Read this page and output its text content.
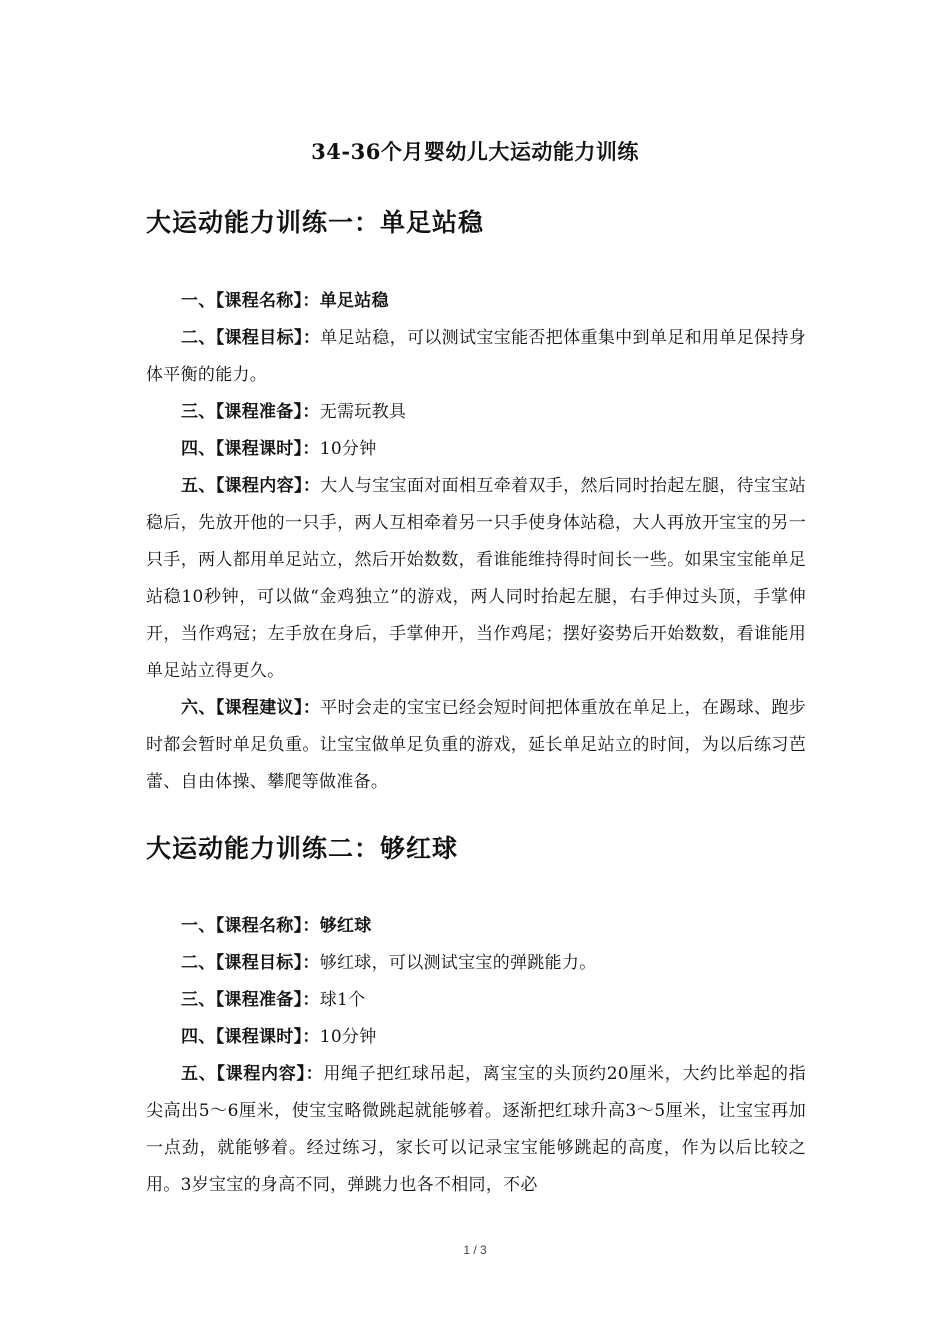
34-36个月婴幼儿大运动能力训练
大运动能力训练一：单足站稳

一、【课程名称】：单足站稳

二、【课程目标】：单足站稳，可以测试宝宝能否把体重集中到单足和用单足保持身体平衡的能力。

三、【课程准备】：无需玩教具

四、【课程课时】：10分钟

五、【课程内容】：大人与宝宝面对面相互牵着双手，然后同时抬起左腿，待宝宝站稳后，先放开他的一只手，两人互相牵着另一只手使身体站稳，大人再放开宝宝的另一只手，两人都用单足站立，然后开始数数，看谁能维持得时间长一些。如果宝宝能单足站稳10秒钟，可以做“金鸡独立”的游戏，两人同时抬起左腿，右手伸过头顶，手掌伸开，当作鸡冠；左手放在身后，手掌伸开，当作鸡尾；摆好姿势后开始数数，看谁能用单足站立得更久。

六、【课程建议】：平时会走的宝宝已经会短时间把体重放在单足上，在踢球、跑步时都会暂时单足负重。让宝宝做单足负重的游戏，延长单足站立的时间，为以后练习芭蕾、自由体操、攀爬等做准备。

大运动能力训练二：够红球

一、【课程名称】：够红球

二、【课程目标】：够红球，可以测试宝宝的弹跳能力。

三、【课程准备】：球1个

四、【课程课时】：10分钟

五、【课程内容】：用绳子把红球吊起，离宝宝的头顶约20厘米，大约比举起的指尖高出5～6厘米，使宝宝略微跳起就能够着。逐渐把红球升高3～5厘米，让宝宝再加一点劲，就能够着。经过练习，家长可以记录宝宝能够跳起的高度，作为以后比较之用。3岁宝宝的身高不同，弹跳力也各不相同，不必

1 / 3
